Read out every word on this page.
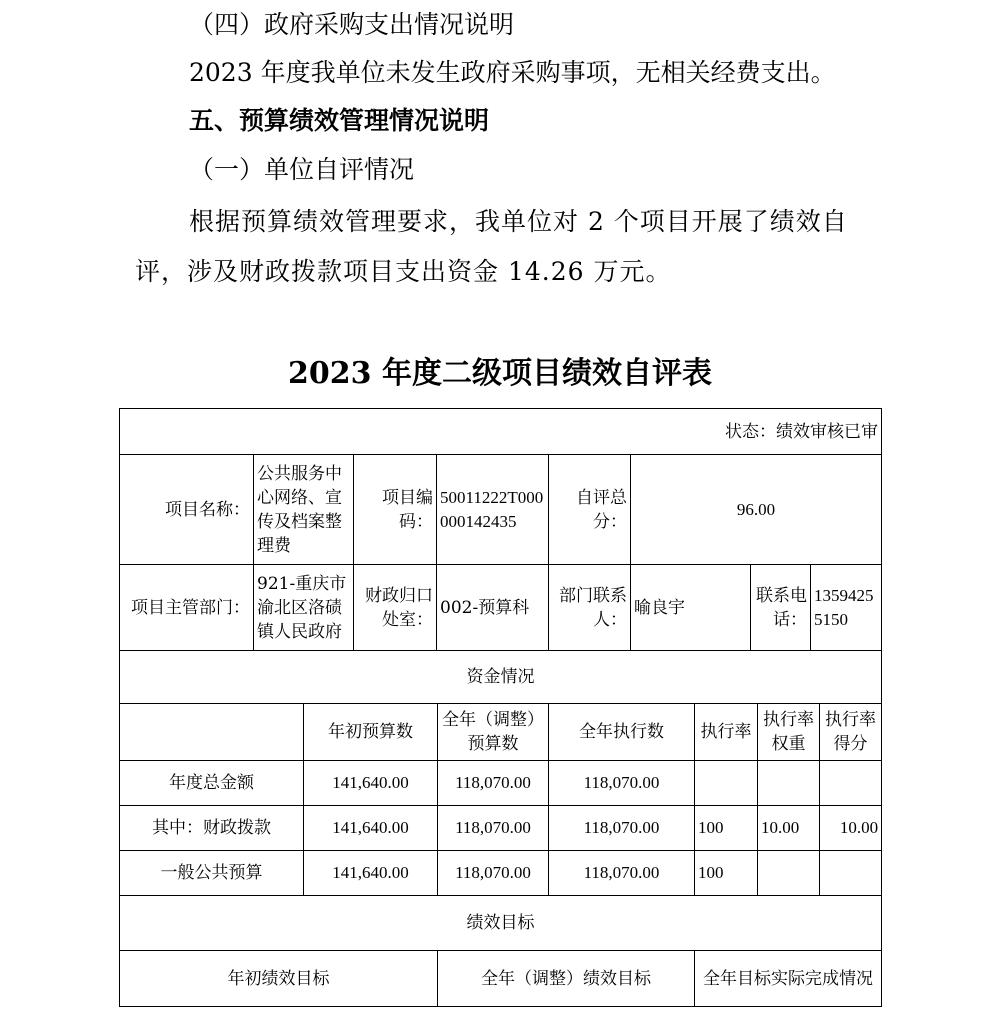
（四）政府采购支出情况说明

2023 年度我单位未发生政府采购事项，无相关经费支出。

五、预算绩效管理情况说明

（一）单位自评情况

根据预算绩效管理要求，我单位对 2 个项目开展了绩效自评，涉及财政拨款项目支出资金 14.26 万元。

2023 年度二级项目绩效自评表
状态：绩效审核已审							
项目名称：	公共服务中心网络、宣传及档案整理费	项目编码：	50011222T000000142435	自评总分：	96.00		
项目主管部门：	921-重庆市渝北区洛碛镇人民政府	财政归口处室：	002-预算科	部门联系人：	喻良宇	联系电话：	13594255150
资金情况						
	年初预算数	全年（调整）预算数	全年执行数	执行率	执行率权重	执行率得分
年度总金额	141,640.00	118,070.00	118,070.00			
其中：财政拨款	141,640.00	118,070.00	118,070.00	100	10.00	10.00
一般公共预算	141,640.00	118,070.00	118,070.00	100		
绩效目标						
年初绩效目标		全年（调整）绩效目标		全年目标实际完成情况		
